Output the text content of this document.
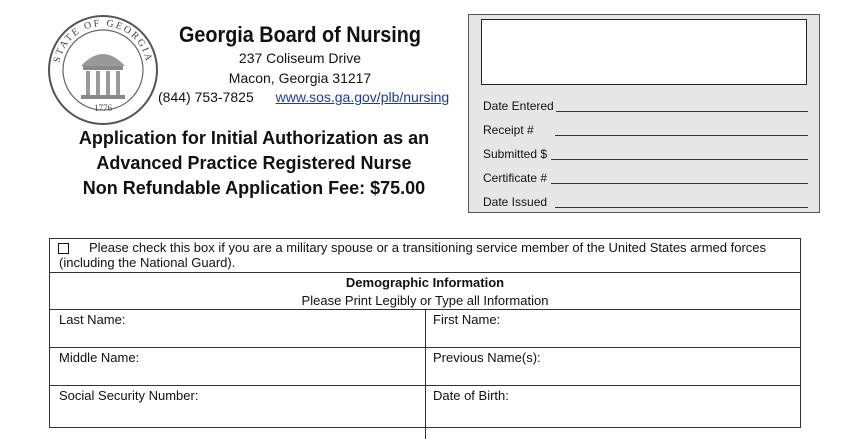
STATE OF GEORGIA
1776
Georgia Board of Nursing
237 Coliseum Drive
Macon, Georgia 31217
(844) 753-7825 www.sos.ga.gov/plb/nursing
Application for Initial Authorization as an
Advanced Practice Registered Nurse
Non Refundable Application Fee: $75.00
Date Entered
Receipt #
Submitted $
Certificate #
Date Issued
Please check this box if you are a military spouse or a transitioning service member of the United States armed forces (including the National Guard).
Demographic Information
Please Print Legibly or Type all Information
Last Name:	First Name:
Middle Name:	Previous Name(s):
Social Security Number:	Date of Birth:
